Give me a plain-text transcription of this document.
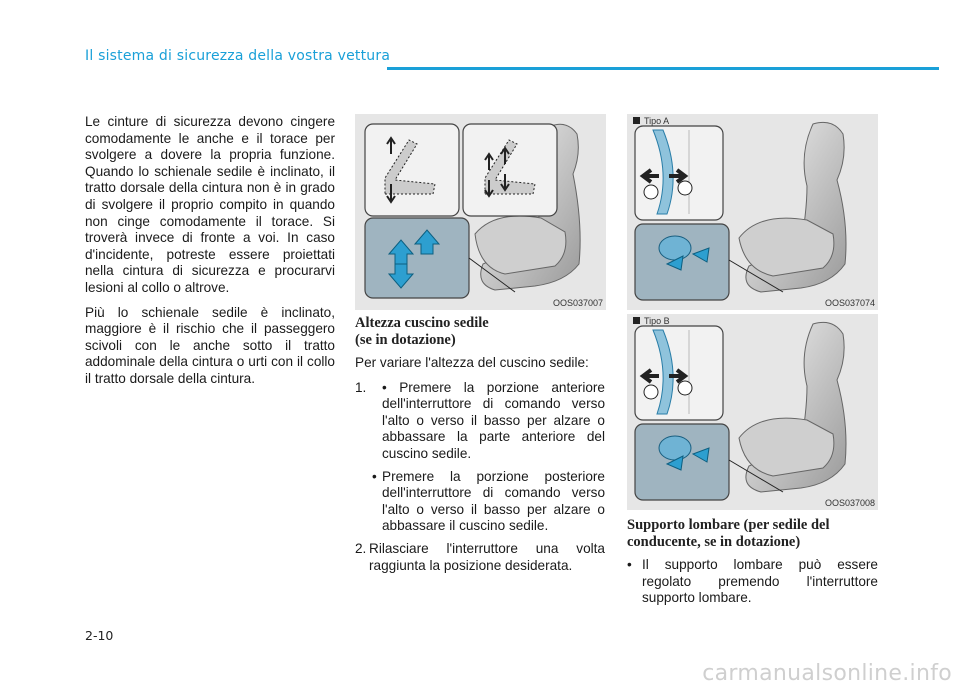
Il sistema di sicurezza della vostra vettura

Le cinture di sicurezza devono cingere comodamente le anche e il torace per svolgere a dovere la propria funzione. Quando lo schienale sedile è inclinato, il tratto dorsale della cintura non è in grado di svolgere il proprio compito in quando non cinge comodamente il torace. Si troverà invece di fronte a voi. In caso d'incidente, potreste essere proiettati nella cintura di sicurezza e procurarvi lesioni al collo o altrove.

Più lo schienale sedile è inclinato, maggiore è il rischio che il passeggero scivoli con le anche sotto il tratto addominale della cintura o urti con il collo il tratto dorsale della cintura.

OOS037007
Tipo A
OOS037074
Tipo B
OOS037008
Altezza cuscino sedile
(se in dotazione)

Per variare l'altezza del cuscino sedile:

1.	• Premere la porzione anteriore dell'interruttore di comando verso l'alto o verso il basso per alzare o abbassare la parte anteriore del cuscino sedile.
• Premere la porzione posteriore dell'interruttore di comando verso l'alto o verso il basso per alzare o abbassare il cuscino sedile.
2. Rilasciare l'interruttore una volta raggiunta la posizione desiderata.
Supporto lombare (per sedile del
conducente, se in dotazione)
• Il supporto lombare può essere regolato premendo l'interruttore supporto lombare.
2-10
carmanualsonline.info
